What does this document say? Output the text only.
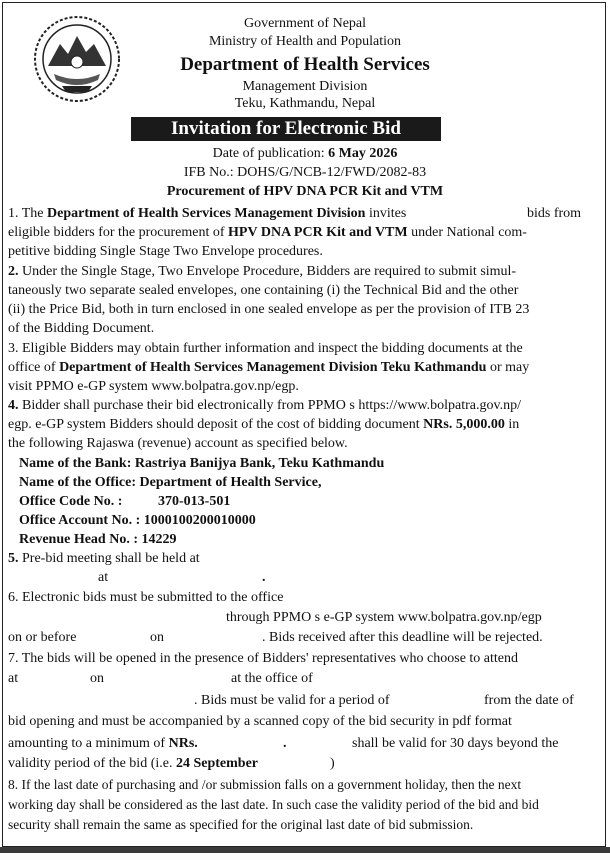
Government of Nepal
Ministry of Health and Population
Department of Health Services
Management Division
Teku, Kathmandu, Nepal
Invitation for Electronic Bid
Date of publication: 6 May 2026
IFB No.: DOHS/G/NCB-12/FWD/2082-83
Procurement of HPV DNA PCR Kit and VTM
1. The Department of Health Services Management Division invites	bids from
eligible bidders for the procurement of HPV DNA PCR Kit and VTM under National com-
petitive bidding Single Stage Two Envelope procedures.
2. Under the Single Stage, Two Envelope Procedure, Bidders are required to submit simul-
taneously two separate sealed envelopes, one containing (i) the Technical Bid and the other
(ii) the Price Bid, both in turn enclosed in one sealed envelope as per the provision of ITB 23
of the Bidding Document.
3. Eligible Bidders may obtain further information and inspect the bidding documents at the
office of Department of Health Services Management Division Teku Kathmandu or may
visit PPMO e-GP system www.bolpatra.gov.np/egp.
4. Bidder shall purchase their bid electronically from PPMO s https://www.bolpatra.gov.np/
egp. e-GP system Bidders should deposit of the cost of bidding document NRs. 5,000.00 in
the following Rajaswa (revenue) account as specified below.
Name of the Bank: Rastriya Banijya Bank, Teku Kathmandu
Name of the Office: Department of Health Service,
Office Code No. :	370-013-501
Office Account No. : 1000100200010000
Revenue Head No. : 14229
5. Pre-bid meeting shall be held at
at	.
6. Electronic bids must be submitted to the office
through PPMO s e-GP system www.bolpatra.gov.np/egp
on or before	on	. Bids received after this deadline will be rejected.
7. The bids will be opened in the presence of Bidders' representatives who choose to attend
at	on	at the office of
. Bids must be valid for a period of	from the date of
bid opening and must be accompanied by a scanned copy of the bid security in pdf format
amounting to a minimum of NRs.	.	shall be valid for 30 days beyond the
validity period of the bid (i.e. 24 September	)
8. If the last date of purchasing and /or submission falls on a government holiday, then the next
working day shall be considered as the last date. In such case the validity period of the bid and bid
security shall remain the same as specified for the original last date of bid submission.
